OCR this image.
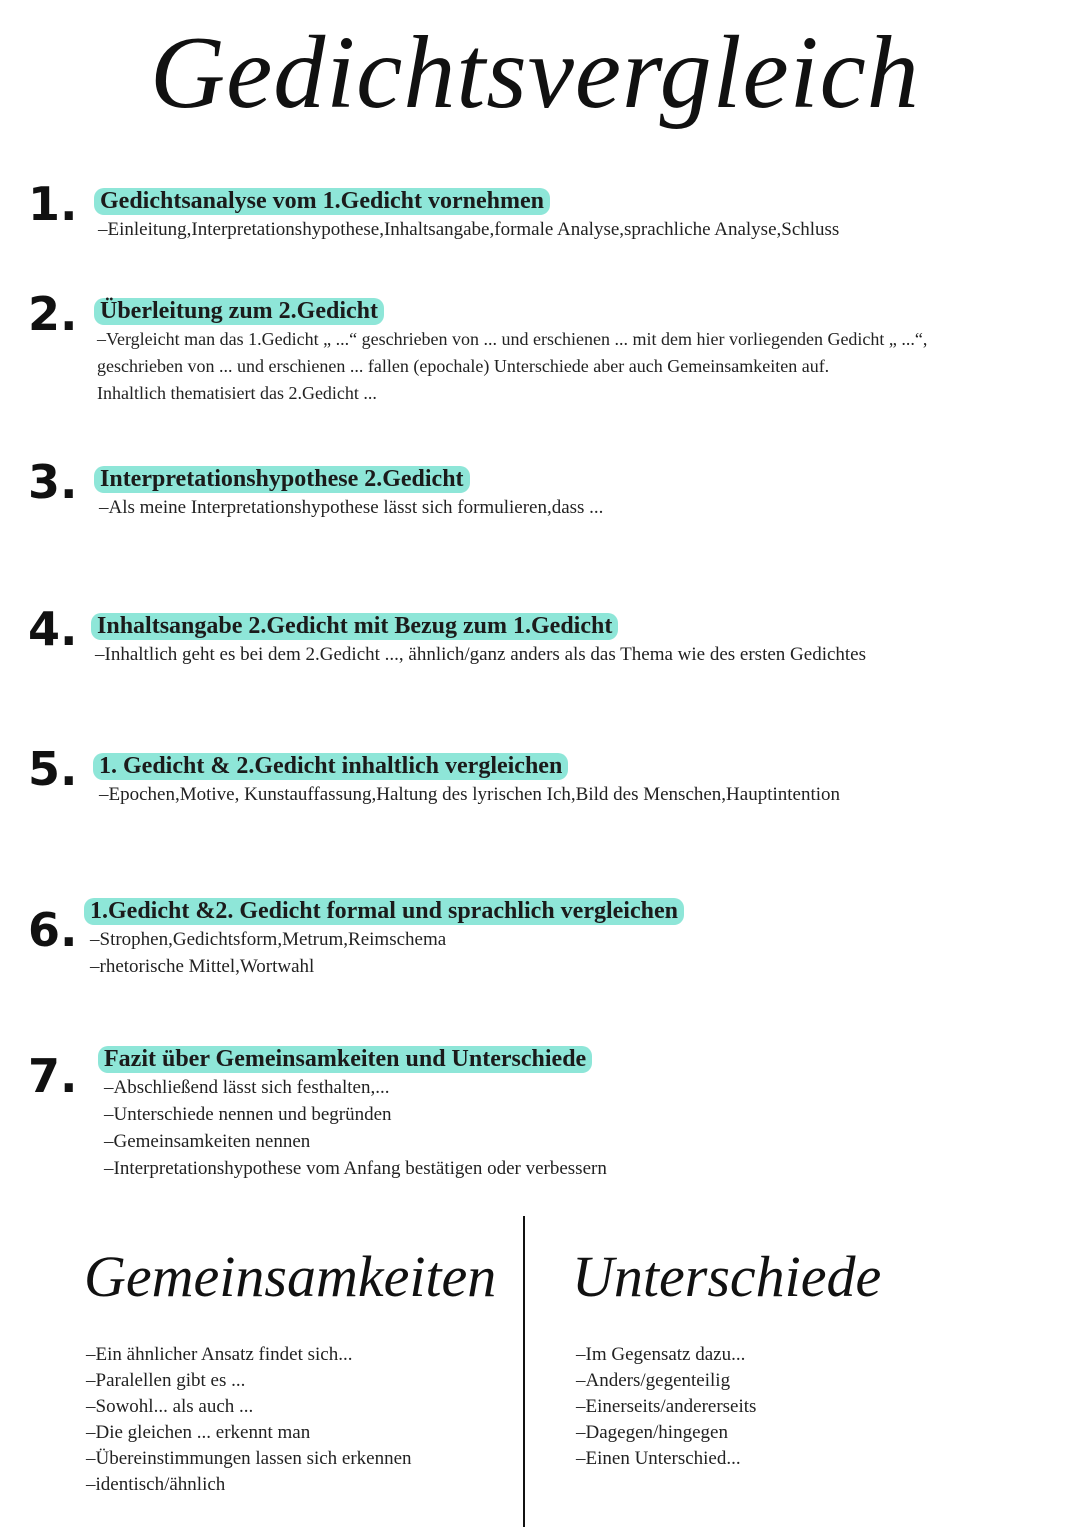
Gedichtsvergleich
1. Gedichtsanalyse vom 1.Gedicht vornehmen
–Einleitung,Interpretationshypothese,Inhaltsangabe,formale Analyse,sprachliche Analyse,Schluss
2. Überleitung zum 2.Gedicht
–Vergleicht man das 1.Gedicht „ ...“ geschrieben von ... und erschienen ... mit dem hier vorliegenden Gedicht „ ...“,
geschrieben von ... und erschienen ... fallen (epochale) Unterschiede aber auch Gemeinsamkeiten auf.
Inhaltlich thematisiert das 2.Gedicht ...
3. Interpretationshypothese 2.Gedicht
–Als meine Interpretationshypothese lässt sich formulieren,dass ...
4. Inhaltsangabe 2.Gedicht mit Bezug zum 1.Gedicht
–Inhaltlich geht es bei dem 2.Gedicht ..., ähnlich/ganz anders als das Thema wie des ersten Gedichtes
5. 1. Gedicht & 2.Gedicht inhaltlich vergleichen
–Epochen,Motive, Kunstauffassung,Haltung des lyrischen Ich,Bild des Menschen,Hauptintention
6. 1.Gedicht &2. Gedicht formal und sprachlich vergleichen
–Strophen,Gedichtsform,Metrum,Reimschema
–rhetorische Mittel,Wortwahl
7. Fazit über Gemeinsamkeiten und Unterschiede
–Abschließend lässt sich festhalten,...
–Unterschiede nennen und begründen
–Gemeinsamkeiten nennen
–Interpretationshypothese vom Anfang bestätigen oder verbessern
Gemeinsamkeiten
–Ein ähnlicher Ansatz findet sich...
–Paralellen gibt es ...
–Sowohl... als auch ...
–Die gleichen ... erkennt man
–Übereinstimmungen lassen sich erkennen
–identisch/ähnlich
Unterschiede
–Im Gegensatz dazu...
–Anders/gegenteilig
–Einerseits/andererseits
–Dagegen/hingegen
–Einen Unterschied...
